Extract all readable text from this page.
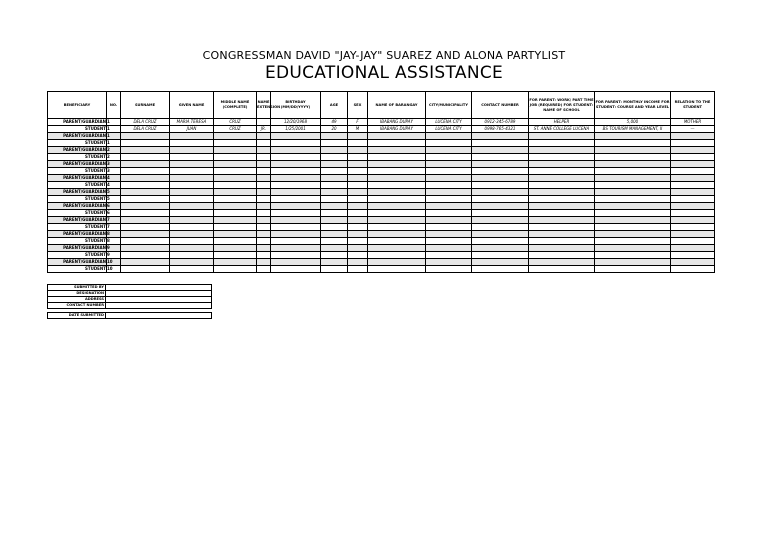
CONGRESSMAN DAVID "JAY-JAY" SUAREZ AND ALONA PARTYLIST
EDUCATIONAL ASSISTANCE
BENEFICIARY	NO.	SURNAME	GIVEN NAME	MIDDLE NAME (COMPLETE)	NAME EXTENSION	BIRTHDAY (MM/DD/YYYY)	AGE	SEX	NAME OF BARANGAY	CITY/MUNICIPALITY	CONTACT NUMBER	FOR PARENT: WORK/ PART TIME JOB (REQUIRED) FOR STUDENT: NAME OF SCHOOL	FOR PARENT: MONTHLY INCOME FOR STUDENT: COURSE AND YEAR LEVEL	RELATION TO THE STUDENT
PARENT/GUARDIAN	1	DELA CRUZ	MARIA TERESA	CRUZ		12/20/1968	49	F	IBABANG DUPAY	LUCENA CITY	0912-345-6789	HELPER	5,000	MOTHER
STUDENT	1	DELA CRUZ	JUAN	CRUZ	JR.	1/25/2001	20	M	IBABANG DUPAY	LUCENA CITY	0998-765-4321	ST. ANNE COLLEGE LUCENA	BS TOURISM MANAGEMENT, II	—
PARENT/GUARDIAN	1													
STUDENT	1													
PARENT/GUARDIAN	2													
STUDENT	2													
PARENT/GUARDIAN	3													
STUDENT	3													
PARENT/GUARDIAN	4													
STUDENT	4													
PARENT/GUARDIAN	5													
STUDENT	5													
PARENT/GUARDIAN	6													
STUDENT	6													
PARENT/GUARDIAN	7													
STUDENT	7													
PARENT/GUARDIAN	8													
STUDENT	8													
PARENT/GUARDIAN	9													
STUDENT	9													
PARENT/GUARDIAN	10													
STUDENT	10													
SUBMITTED BY	
DESIGNATION	
ADDRESS	
CONTACT NUMBER	
DATE SUBMITTED	
